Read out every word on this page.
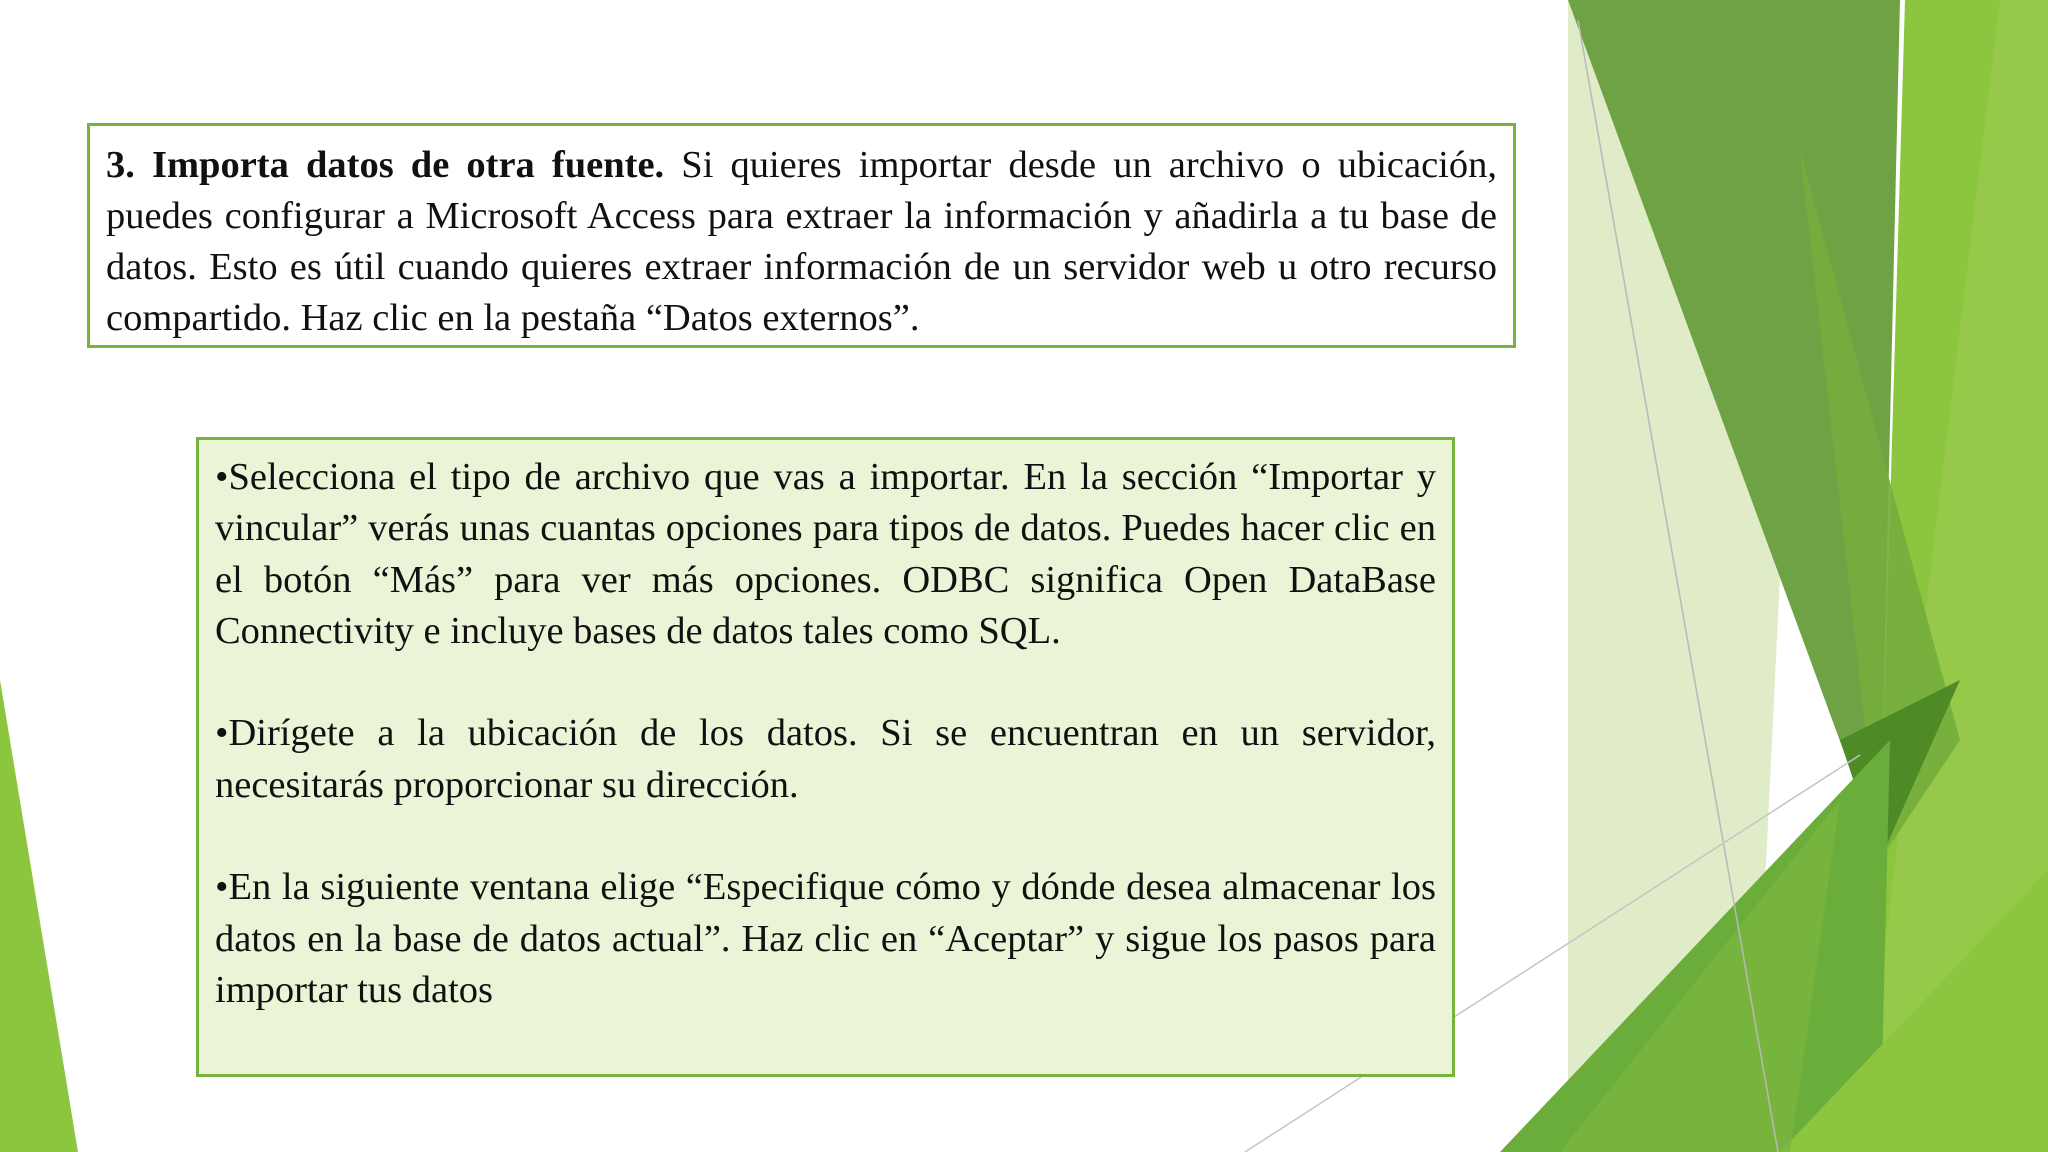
3. Importa datos de otra fuente. Si quieres importar desde un archivo o ubicación, puedes configurar a Microsoft Access para extraer la información y añadirla a tu base de datos. Esto es útil cuando quieres extraer información de un servidor web u otro recurso compartido. Haz clic en la pestaña “Datos externos”.

•Selecciona el tipo de archivo que vas a importar. En la sección “Importar y vincular” verás unas cuantas opciones para tipos de datos. Puedes hacer clic en el botón “Más” para ver más opciones. ODBC significa Open DataBase Connectivity e incluye bases de datos tales como SQL.

•Dirígete a la ubicación de los datos. Si se encuentran en un servidor, necesitarás proporcionar su dirección.

•En la siguiente ventana elige “Especifique cómo y dónde desea almacenar los datos en la base de datos actual”. Haz clic en “Aceptar” y sigue los pasos para importar tus datos
